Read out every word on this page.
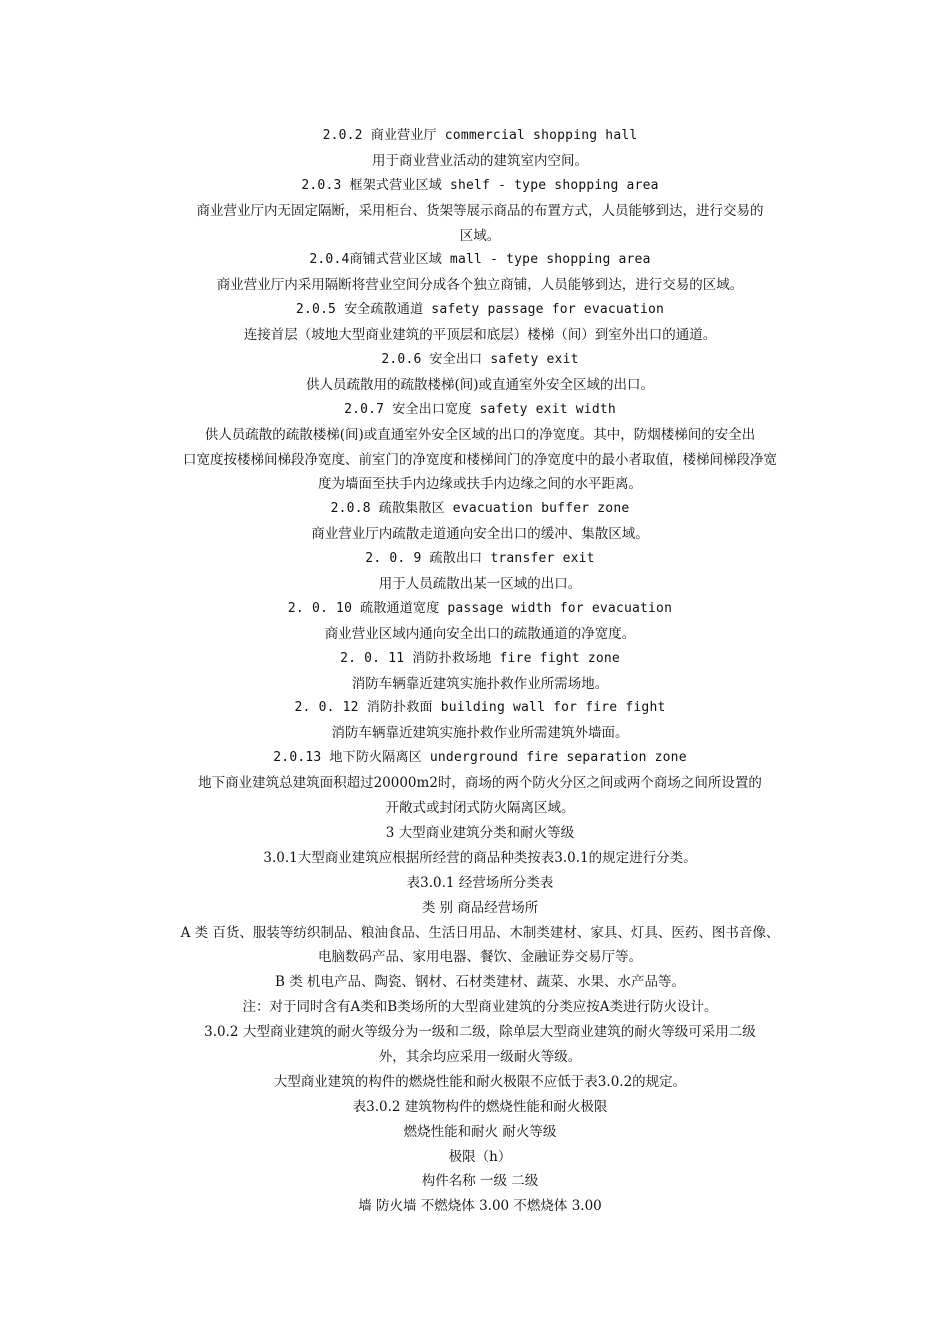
2.0.2 商业营业厅 commercial shopping hall
用于商业营业活动的建筑室内空间。
2.0.3 框架式营业区域 shelf - type shopping area
商业营业厅内无固定隔断，采用柜台、货架等展示商品的布置方式，人员能够到达，进行交易的
区域。
2.0.4商铺式营业区域 mall - type shopping area
商业营业厅内采用隔断将营业空间分成各个独立商铺，人员能够到达，进行交易的区域。
2.0.5 安全疏散通道 safety passage for evacuation
连接首层（坡地大型商业建筑的平顶层和底层）楼梯（间）到室外出口的通道。
2.0.6 安全出口 safety exit
供人员疏散用的疏散楼梯(间)或直通室外安全区域的出口。
2.0.7 安全出口宽度 safety exit width
供人员疏散的疏散楼梯(间)或直通室外安全区域的出口的净宽度。其中，防烟楼梯间的安全出
口宽度按楼梯间梯段净宽度、前室门的净宽度和楼梯间门的净宽度中的最小者取值，楼梯间梯段净宽
度为墙面至扶手内边缘或扶手内边缘之间的水平距离。
2.0.8 疏散集散区 evacuation buffer zone
商业营业厅内疏散走道通向安全出口的缓冲、集散区域。
2. 0. 9 疏散出口 transfer exit
用于人员疏散出某一区域的出口。
2. 0. 10 疏散通道宽度 passage width for evacuation
商业营业区域内通向安全出口的疏散通道的净宽度。
2. 0. 11 消防扑救场地 fire fight zone
消防车辆靠近建筑实施扑救作业所需场地。
2. 0. 12 消防扑救面 building wall for fire fight
消防车辆靠近建筑实施扑救作业所需建筑外墙面。
2.0.13 地下防火隔离区 underground fire separation zone
地下商业建筑总建筑面积超过20000m2时，商场的两个防火分区之间或两个商场之间所设置的
开敞式或封闭式防火隔离区域。
3 大型商业建筑分类和耐火等级
3.0.1大型商业建筑应根据所经营的商品种类按表3.0.1的规定进行分类。
表3.0.1 经营场所分类表
类 别 商品经营场所
A 类 百货、服装等纺织制品、粮油食品、生活日用品、木制类建材、家具、灯具、医药、图书音像、
电脑数码产品、家用电器、餐饮、金融证券交易厅等。
B 类 机电产品、陶瓷、钢材、石材类建材、蔬菜、水果、水产品等。
注：对于同时含有A类和B类场所的大型商业建筑的分类应按A类进行防火设计。
3.0.2 大型商业建筑的耐火等级分为一级和二级，除单层大型商业建筑的耐火等级可采用二级
外，其余均应采用一级耐火等级。
大型商业建筑的构件的燃烧性能和耐火极限不应低于表3.0.2的规定。
表3.0.2 建筑物构件的燃烧性能和耐火极限
燃烧性能和耐火 耐火等级
极限（h）
构件名称 一级 二级
墙 防火墙 不燃烧体 3.00 不燃烧体 3.00
